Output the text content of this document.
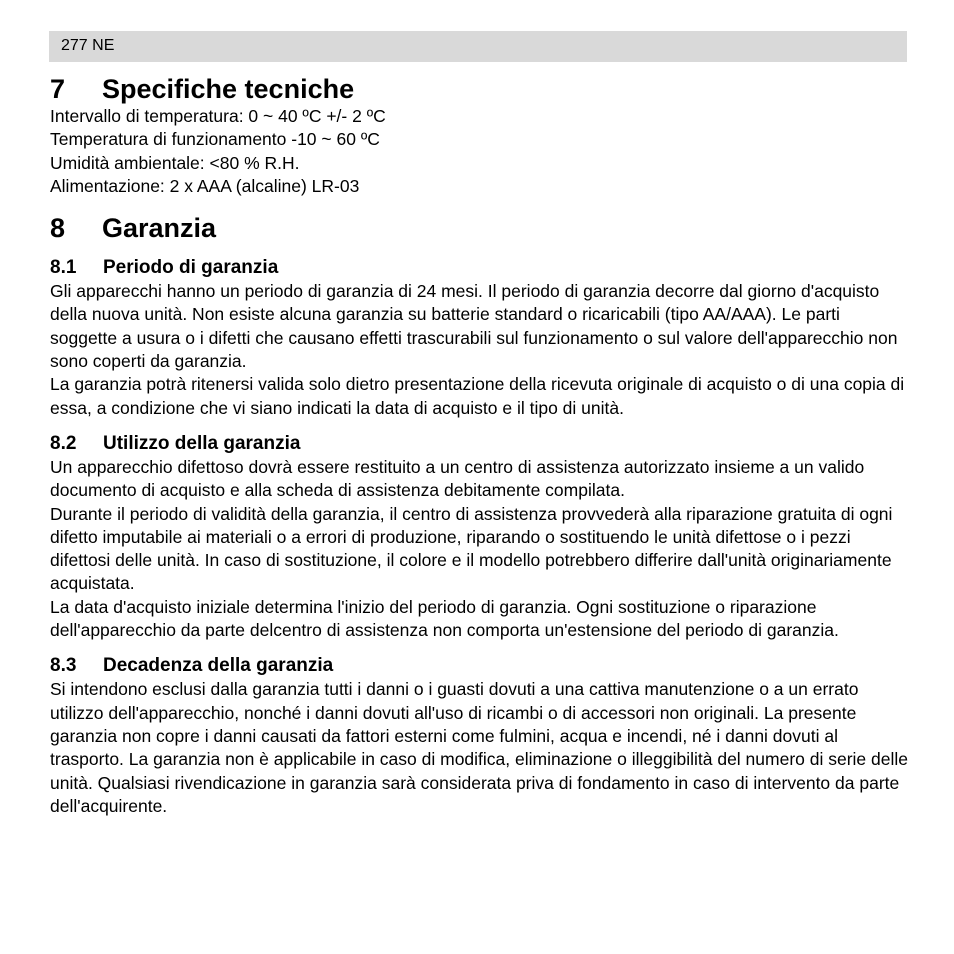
277 NE
7	Specifiche tecniche
Intervallo di temperatura: 0 ~ 40 ºC +/- 2 ºC
Temperatura di funzionamento -10 ~ 60 ºC
Umidità ambientale: <80 % R.H.
Alimentazione: 2 x AAA (alcaline) LR-03
8	Garanzia
8.1	Periodo di garanzia

Gli apparecchi hanno un periodo di garanzia di 24 mesi. Il periodo di garanzia decorre dal giorno d'acquisto della nuova unità. Non esiste alcuna garanzia su batterie standard o ricaricabili (tipo AA/AAA). Le parti soggette a usura o i difetti che causano effetti trascurabili sul funzionamento o sul valore dell'apparecchio non sono coperti da garanzia.

La garanzia potrà ritenersi valida solo dietro presentazione della ricevuta originale di acquisto o di una copia di essa, a condizione che vi siano indicati la data di acquisto e il tipo di unità.

8.2	Utilizzo della garanzia

Un apparecchio difettoso dovrà essere restituito a un centro di assistenza autorizzato insieme a un valido documento di acquisto e alla scheda di assistenza debitamente compilata.

Durante il periodo di validità della garanzia, il centro di assistenza provvederà alla riparazione gratuita di ogni difetto imputabile ai materiali o a errori di produzione, riparando o sostituendo le unità difettose o i pezzi difettosi delle unità. In caso di sostituzione, il colore e il modello potrebbero differire dall'unità originariamente acquistata.

La data d'acquisto iniziale determina l'inizio del periodo di garanzia. Ogni sostituzione o riparazione dell'apparecchio da parte delcentro di assistenza non comporta un'estensione del periodo di garanzia.

8.3	Decadenza della garanzia

Si intendono esclusi dalla garanzia tutti i danni o i guasti dovuti a una cattiva manutenzione o a un errato utilizzo dell'apparecchio, nonché i danni dovuti all'uso di ricambi o di accessori non originali. La presente garanzia non copre i danni causati da fattori esterni come fulmini, acqua e incendi, né i danni dovuti al trasporto. La garanzia non è applicabile in caso di modifica, eliminazione o illeggibilità del numero di serie delle unità. Qualsiasi rivendicazione in garanzia sarà considerata priva di fondamento in caso di intervento da parte dell'acquirente.
